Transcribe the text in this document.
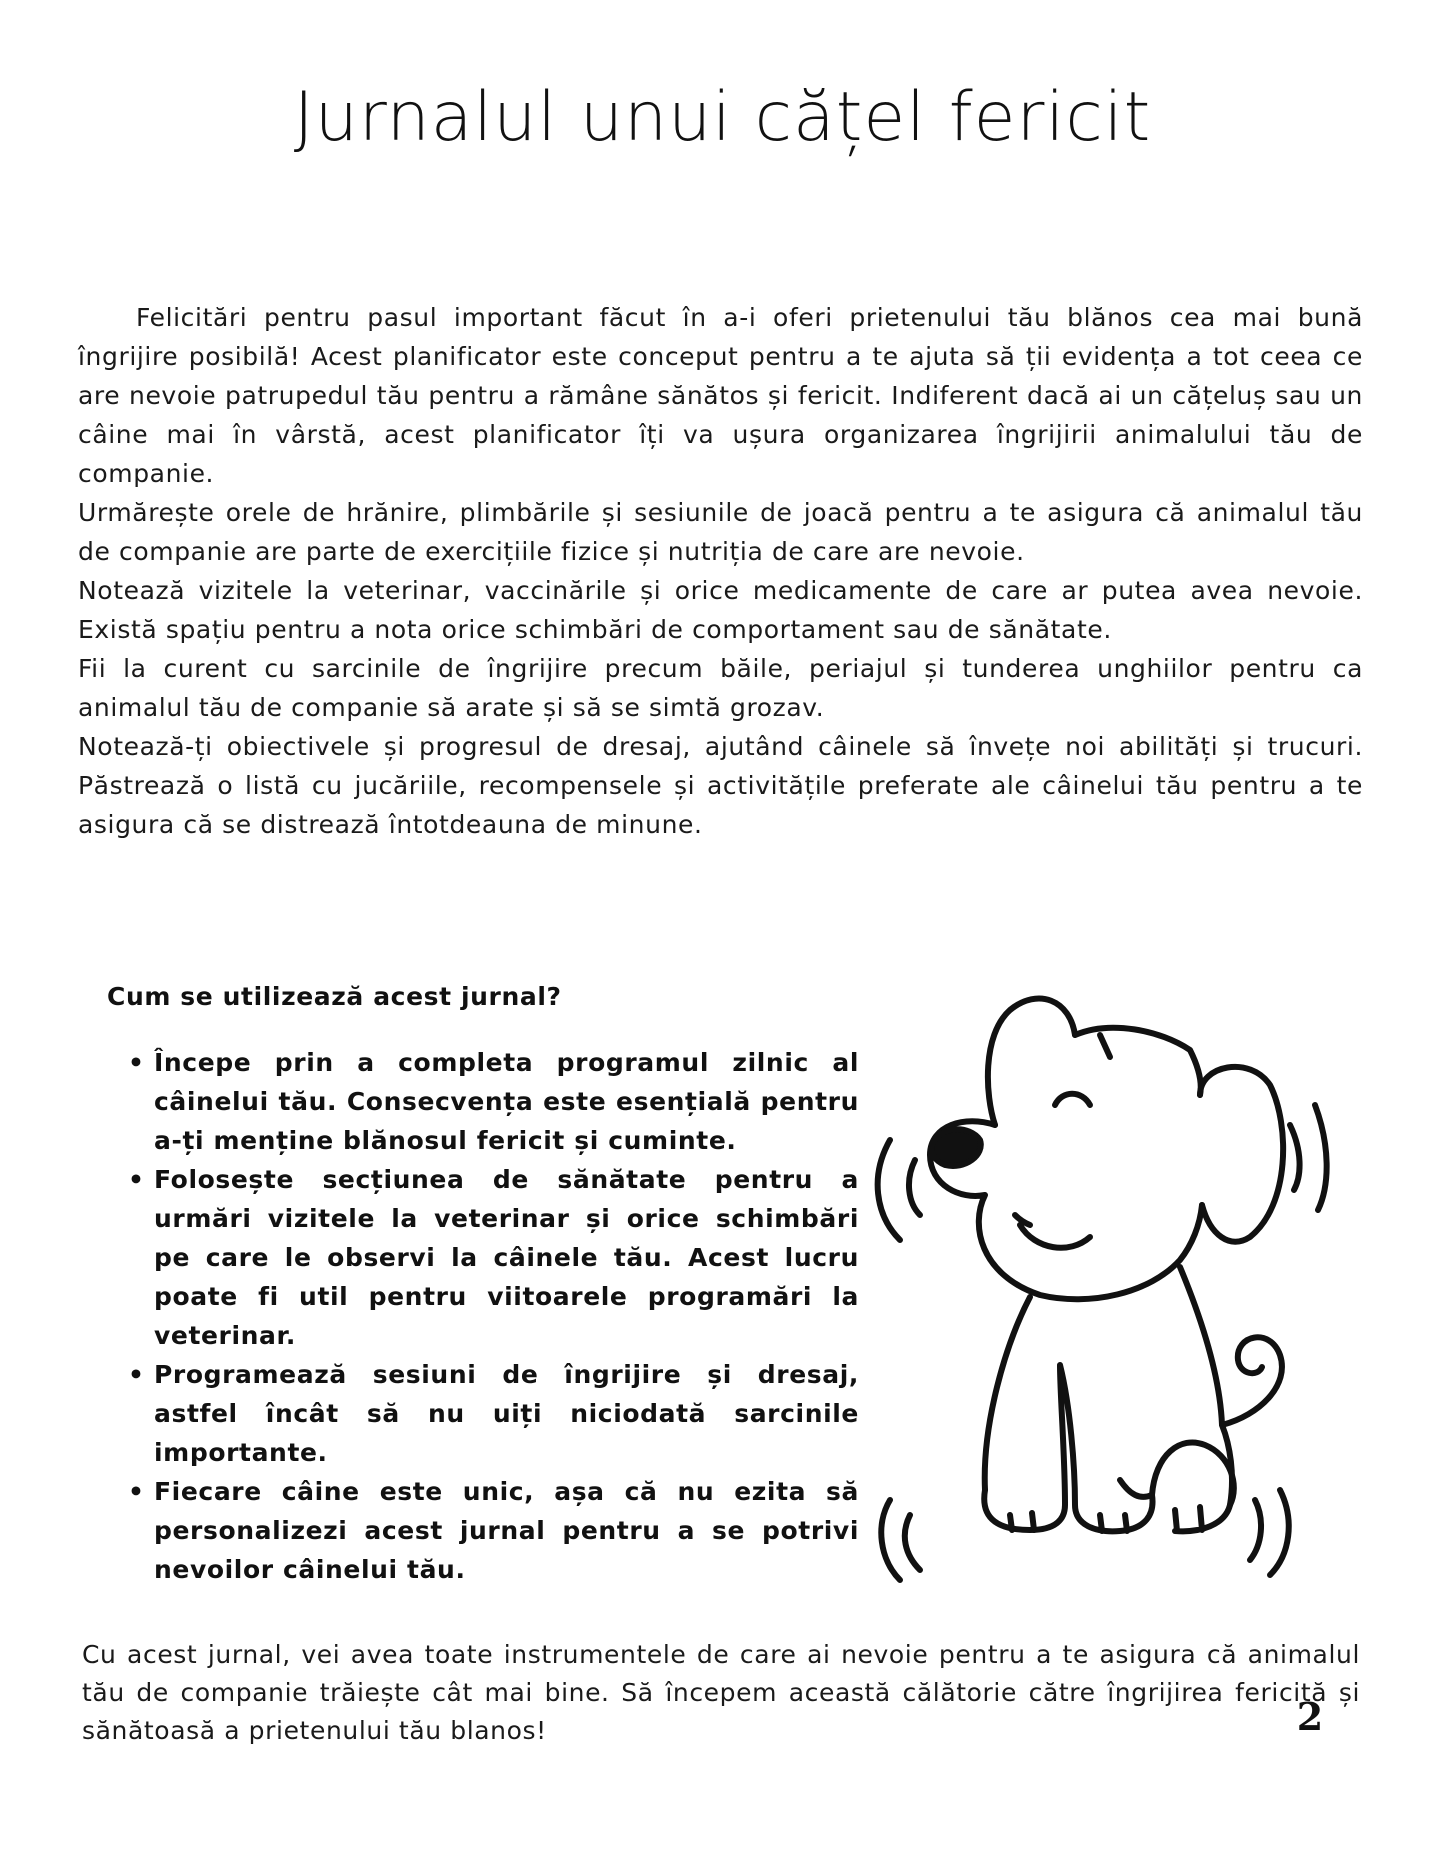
Jurnalul unui cățel fericit

Felicitări pentru pasul important făcut în a-i oferi prietenului tău blănos cea mai bună îngrijire posibilă! Acest planificator este conceput pentru a te ajuta să ții evidența a tot ceea ce are nevoie patrupedul tău pentru a rămâne sănătos și fericit. Indiferent dacă ai un cățeluș sau un câine mai în vârstă, acest planificator îți va ușura organizarea îngrijirii animalului tău de companie.

Urmărește orele de hrănire, plimbările și sesiunile de joacă pentru a te asigura că animalul tău de companie are parte de exercițiile fizice și nutriția de care are nevoie.

Notează vizitele la veterinar, vaccinările și orice medicamente de care ar putea avea nevoie. Există spațiu pentru a nota orice schimbări de comportament sau de sănătate.

Fii la curent cu sarcinile de îngrijire precum băile, periajul și tunderea unghiilor pentru ca animalul tău de companie să arate și să se simtă grozav.

Notează-ți obiectivele și progresul de dresaj, ajutând câinele să învețe noi abilități și trucuri. Păstrează o listă cu jucăriile, recompensele și activitățile preferate ale câinelui tău pentru a te asigura că se distrează întotdeauna de minune.

Cum se utilizează acest jurnal?
• Începe prin a completa programul zilnic al câinelui tău. Consecvența este esențială pentru a-ți menține blănosul fericit și cuminte.
• Folosește secțiunea de sănătate pentru a urmări vizitele la veterinar și orice schimbări pe care le observi la câinele tău. Acest lucru poate fi util pentru viitoarele programări la veterinar.
• Programează sesiuni de îngrijire și dresaj, astfel încât să nu uiți niciodată sarcinile importante.
• Fiecare câine este unic, așa că nu ezita să personalizezi acest jurnal pentru a se potrivi nevoilor câinelui tău.
Cu acest jurnal, vei avea toate instrumentele de care ai nevoie pentru a te asigura că animalul tău de companie trăiește cât mai bine. Să începem această călătorie către îngrijirea fericită și sănătoasă a prietenului tău blanos!	2
